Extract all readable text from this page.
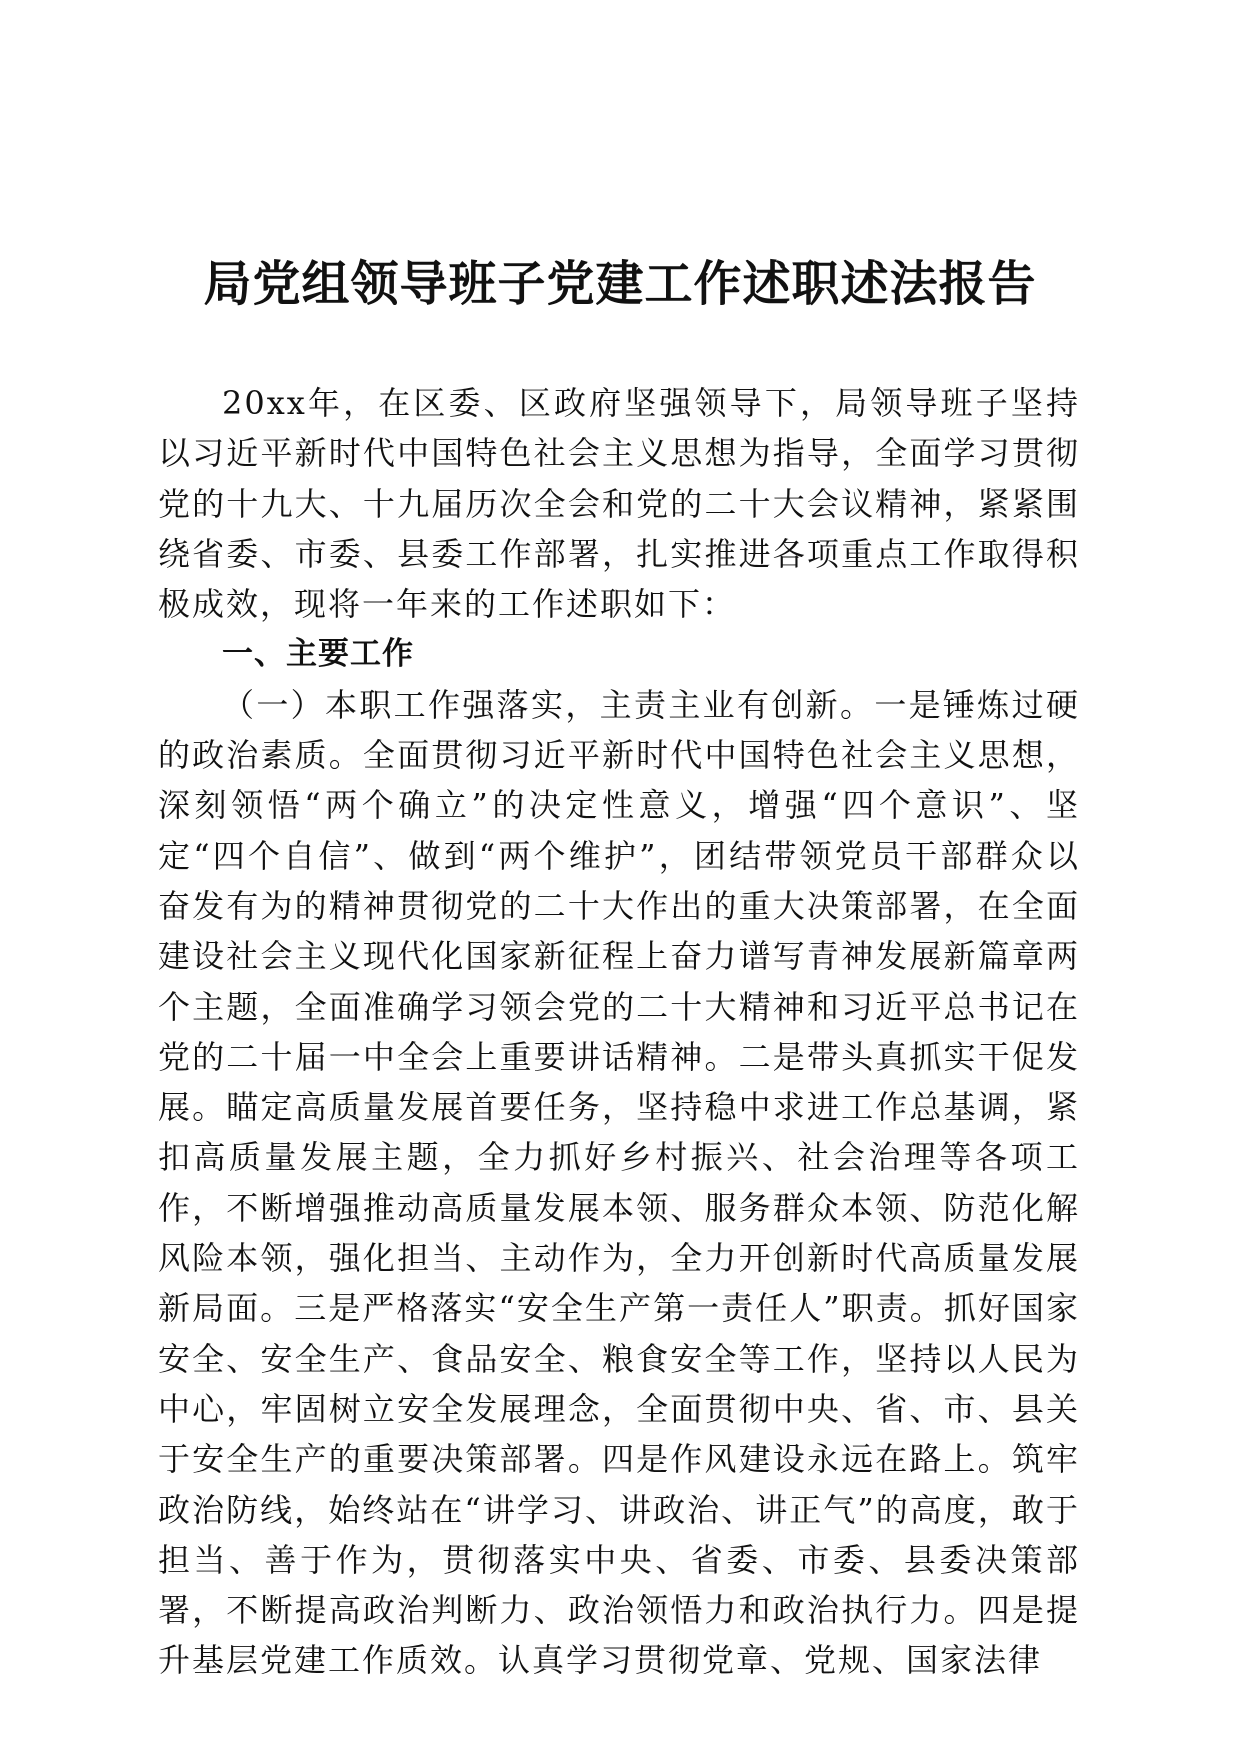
局党组领导班子党建工作述职述法报告

20xx年，在区委、区政府坚强领导下，局领导班子坚持以习近平新时代中国特色社会主义思想为指导，全面学习贯彻党的十九大、十九届历次全会和党的二十大会议精神，紧紧围绕省委、市委、县委工作部署，扎实推进各项重点工作取得积极成效，现将一年来的工作述职如下：

一、主要工作

（一）本职工作强落实，主责主业有创新。一是锤炼过硬的政治素质。全面贯彻习近平新时代中国特色社会主义思想，深刻领悟“两个确立”的决定性意义，增强“四个意识”、坚定“四个自信”、做到“两个维护”，团结带领党员干部群众以奋发有为的精神贯彻党的二十大作出的重大决策部署，在全面建设社会主义现代化国家新征程上奋力谱写青神发展新篇章两个主题，全面准确学习领会党的二十大精神和习近平总书记在党的二十届一中全会上重要讲话精神。二是带头真抓实干促发展。瞄定高质量发展首要任务，坚持稳中求进工作总基调，紧扣高质量发展主题，全力抓好乡村振兴、社会治理等各项工作，不断增强推动高质量发展本领、服务群众本领、防范化解风险本领，强化担当、主动作为，全力开创新时代高质量发展新局面。三是严格落实“安全生产第一责任人”职责。抓好国家安全、安全生产、食品安全、粮食安全等工作，坚持以人民为中心，牢固树立安全发展理念，全面贯彻中央、省、市、县关于安全生产的重要决策部署。四是作风建设永远在路上。筑牢政治防线，始终站在“讲学习、讲政治、讲正气”的高度，敢于担当、善于作为，贯彻落实中央、省委、市委、县委决策部署，不断提高政治判断力、政治领悟力和政治执行力。四是提升基层党建工作质效。认真学习贯彻党章、党规、国家法律
